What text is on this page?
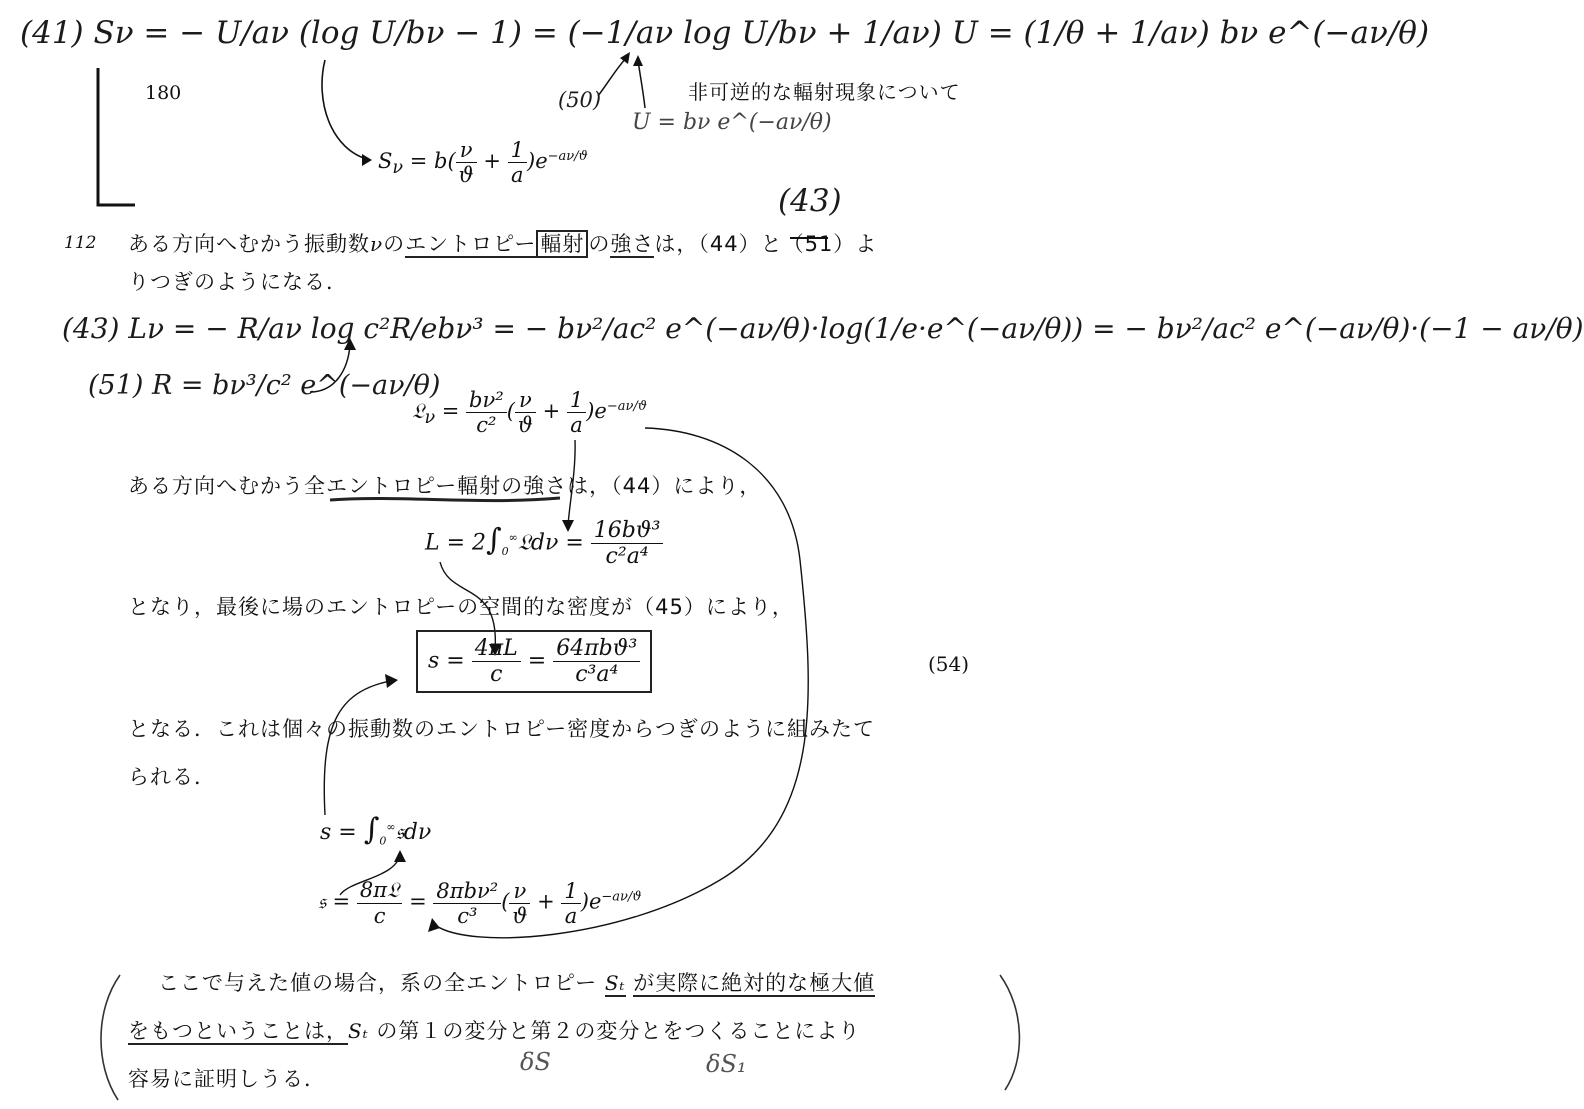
(41) Sν = − U/aν (log U/bν − 1) = (−1/aν log U/bν + 1/aν) U = (1/θ + 1/aν) bν e^(−aν/θ)
180	(50)	非可逆的な輻射現象について
U = bν e^(−aν/θ)
$S_\nu = b( \frac{\nu}{ϑ} + \frac{1}{a} )e^{-a\nu/ϑ}$
(43)
112 ある方向へむかう振動数νのエントロピー 輻射 の強さは，（44）と（51）よ
りつぎのようになる．
(43) Lν = − R/aν log c²R/ebν³ = − bν²/ac² e^(−aν/θ)·log(1/e·e^(−aν/θ)) = − bν²/ac² e^(−aν/θ)·(−1 − aν/θ)
(51) R = bν³/c² e^(−aν/θ)
𝔏$_\nu$ = $\frac{\text{bν²}}{\text{c²}}$ ( $\frac{\nu}{ϑ} + \frac{1}{a} )e^{-a\nu/ϑ}$
ある方向へむかう全エントロピー輻射の強さは，（44）により，
$L = 2\int_0^\infty 𝔏d\nu = \frac{\text{16bϑ³}}{\text{c²a⁴}}$
となり，最後に場のエントロピーの空間的な密度が（45）により，
$s = \frac{4\pi L}{c} = \frac{\text{64πbϑ³}}{\text{c³a⁴}}$	(54)
となる．これは個々の振動数のエントロピー密度からつぎのように組みたて
られる．
$s = \int_0^\infty 𝔰d\nu$
𝔰 = $\frac{\text{8π𝔏}}{c} = \frac{\text{8πbν²}}{\text{c³}}$ ( $\frac{\nu}{ϑ} + \frac{1}{a} )e^{-a\nu/ϑ}$
ここで与えた値の場合，系の全エントロピー Sₜ が実際に絶対的な極大値
をもつということは，Sₜ の第１の変分と第２の変分とをつくることにより
容易に証明しうる．
δS	δS₁
